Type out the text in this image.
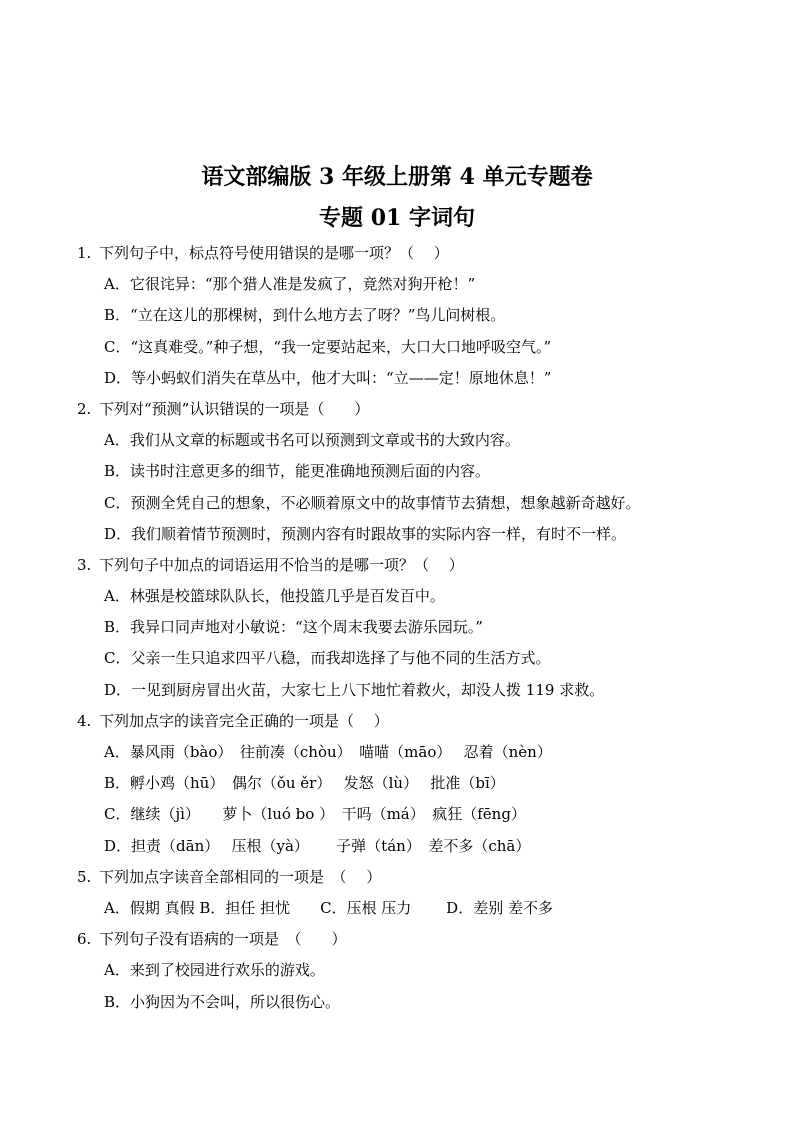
语文部编版 3 年级上册第 4 单元专题卷
专题 01 字词句
1. 下列句子中，标点符号使用错误的是哪一项？（　 ）
A．它很诧异：“那个猎人准是发疯了，竟然对狗开枪！”
B．“立在这儿的那棵树，到什么地方去了呀？”鸟儿问树根。
C．“这真难受。”种子想，“我一定要站起来，大口大口地呼吸空气。”
D．等小蚂蚁们消失在草丛中，他才大叫：“立——定！原地休息！”
2. 下列对“预测”认识错误的一项是（　　）
A．我们从文章的标题或书名可以预测到文章或书的大致内容。
B．读书时注意更多的细节，能更准确地预测后面的内容。
C．预测全凭自己的想象，不必顺着原文中的故事情节去猜想，想象越新奇越好。
D．我们顺着情节预测时，预测内容有时跟故事的实际内容一样，有时不一样。
3. 下列句子中加点的词语运用不恰当的是哪一项？（　 ）
A．林强是校篮球队队长，他投篮几乎是百发百中。
B．我异口同声地对小敏说：“这个周末我要去游乐园玩。”
C．父亲一生只追求四平八稳，而我却选择了与他不同的生活方式。
D．一见到厨房冒出火苗，大家七上八下地忙着救火，却没人拨 119 求救。
4. 下列加点字的读音完全正确的一项是（　 ）
A．暴风雨（bào）　往前凑（chòu）　喵喵（māo）　 忍着（nèn）
B．孵小鸡（hū）　偶尔（ǒu ěr）　 发怒（lù）　 批准（bī）
C．继续（jì）　　萝卜（luó bo ）　干吗（má）　疯狂（fēng）
D．担责（dān）　 压根（yà）　　 子弹（tán）　差不多（chā）
5. 下列加点字读音全部相同的一项是　（　 ）
A．假期 真假 B．担任 担忧　　C．压根 压力　　 D．差别 差不多
6. 下列句子没有语病的一项是　（　　）
A．来到了校园进行欢乐的游戏。
B．小狗因为不会叫，所以很伤心。
